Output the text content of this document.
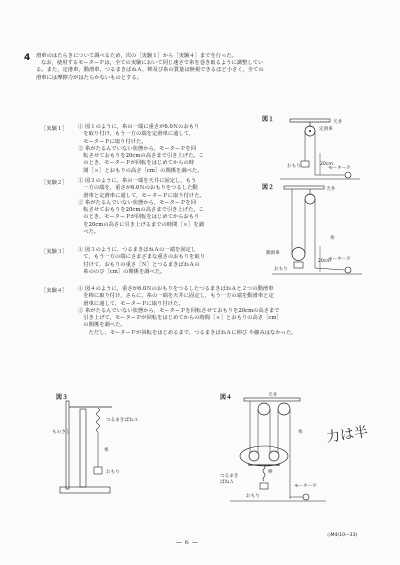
4 滑車のはたらきについて調べるため，次の［実験１］から［実験４］までを行った。

なお，使用するモーターＰは，全ての実験において同じ速さで糸を巻き取るように調整してい

る。また，定滑車，動滑車，つるまきばねＡ，棒及び糸の質量は無視できるほど小さく，全ての

滑車には摩擦力がはたらかないものとする。

［実験１］ ① 図１のように，糸の一端に重さが6.0Ｎのおもり

　を取り付け，もう一方の端を定滑車に通して，

　モーターＰに取り付けた。

② 糸がたるんでいない状態から，モーターＰを回

　転させておもりを20cmの高さまで引き上げた。こ

　のとき，モーターＰが回転をはじめてからの時

　間［ｓ］とおもりの高さ［cm］の関係を調べた。

［実験２］ ① 図２のように，糸の一端を天井に固定し，もう

　一方の端を，重さが6.0Ｎのおもりをつるした動

　滑車と定滑車に通して，モーターＰに取り付けた。

② 糸がたるんでいない状態から，モーターＰを回

　転させておもりを20cmの高さまで引き上げた。こ

　のとき，モーターＰが回転をはじめてからおもり

　を20cmの高さに引き上げるまでの時間［ｓ］を調

　べた。

［実験３］ ① 図３のように，つるまきばねＡの一端を固定し

　て，もう一方の端にさまざまな重さのおもりを取り

　付けて，おもりの重さ［Ｎ］とつるまきばねＡの

　糸ののび［cm］の関係を調べた。

［実験４］ ① 図４のように，重さが6.0ＮのおもりをつるしたつるまきばねＡと２つの動滑車

　を棒に取り付け，さらに，糸の一端を天井に固定し，もう一方の端を動滑車と定

　滑車に通して，モーターＰに取り付けた。

② 糸がたるんでいない状態から，モーターＰを回転させておもりを20cmの高さまで

　引き上げて，モーターＰが回転をはじめてからの時間［ｓ］とおもりの高さ［cm］

　の関係を調べた。

　　ただし，モーターＰが回転をはじめるまで，つるまきばねＡに伸び や縮みはなかった。

図１	天井
定滑車
おもり	20cm
モーターＰ
図２	天井
糸
動滑車
おもり
20cm
モーターＰ
図３
ものさし
つるまきばねＡ
糸
おもり
図４	天井
糸
棒
つるまき
ばねＡ
おもり
モーターＰ
力は半
— ６ —
◇M4(10—33)
